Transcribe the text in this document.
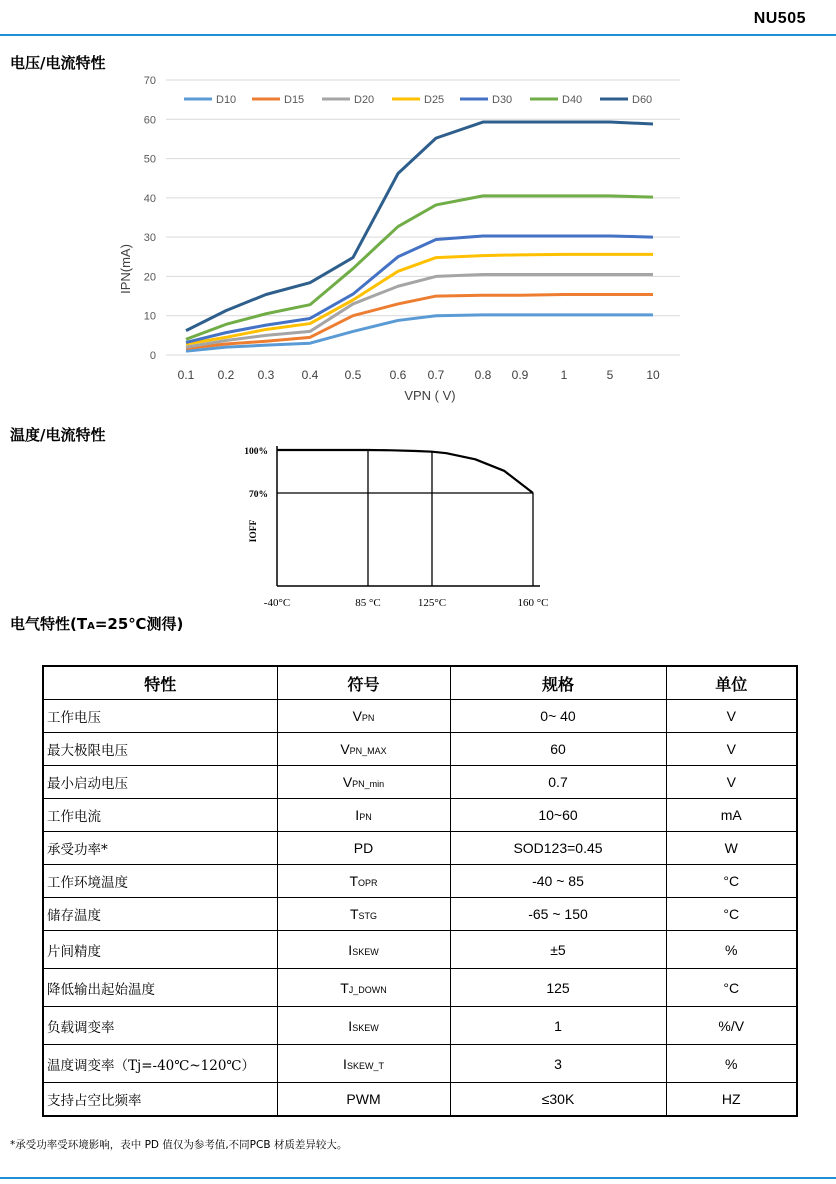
NU505
电压/电流特性
0
10
20
30
40
50
60
70
0.1 0.2 0.3 0.4 0.5 0.6 0.7	0.8 0.9	1	5	10
D10	D15	D20	D25	D30	D40	D60
IPN(mA)
VPN ( V)
温度/电流特性
100%
70%
-40°C	85 °C	125°C	160 °C
IOFF
电气特性(TA=25℃测得)
特性	符号	规格	单位
工作电压	VPN	0~ 40	V
最大极限电压	VPN_MAX	60	V
最小启动电压	VPN_min	0.7	V
工作电流	IPN	10~60	mA
承受功率*	PD	SOD123=0.45	W
工作环境温度	TOPR	-40 ~ 85	°C
储存温度	TSTG	-65 ~ 150	°C
片间精度	ISKEW	±5	%
降低输出起始温度	TJ_DOWN	125	°C
负载调变率	ISKEW	1	%/V
温度调变率（Tj=-40℃~120℃）	ISKEW_T	3	%
支持占空比频率	PWM	≤30K	HZ
*承受功率受环境影响，表中 PD 值仅为参考值,不同PCB 材质差异较大。
